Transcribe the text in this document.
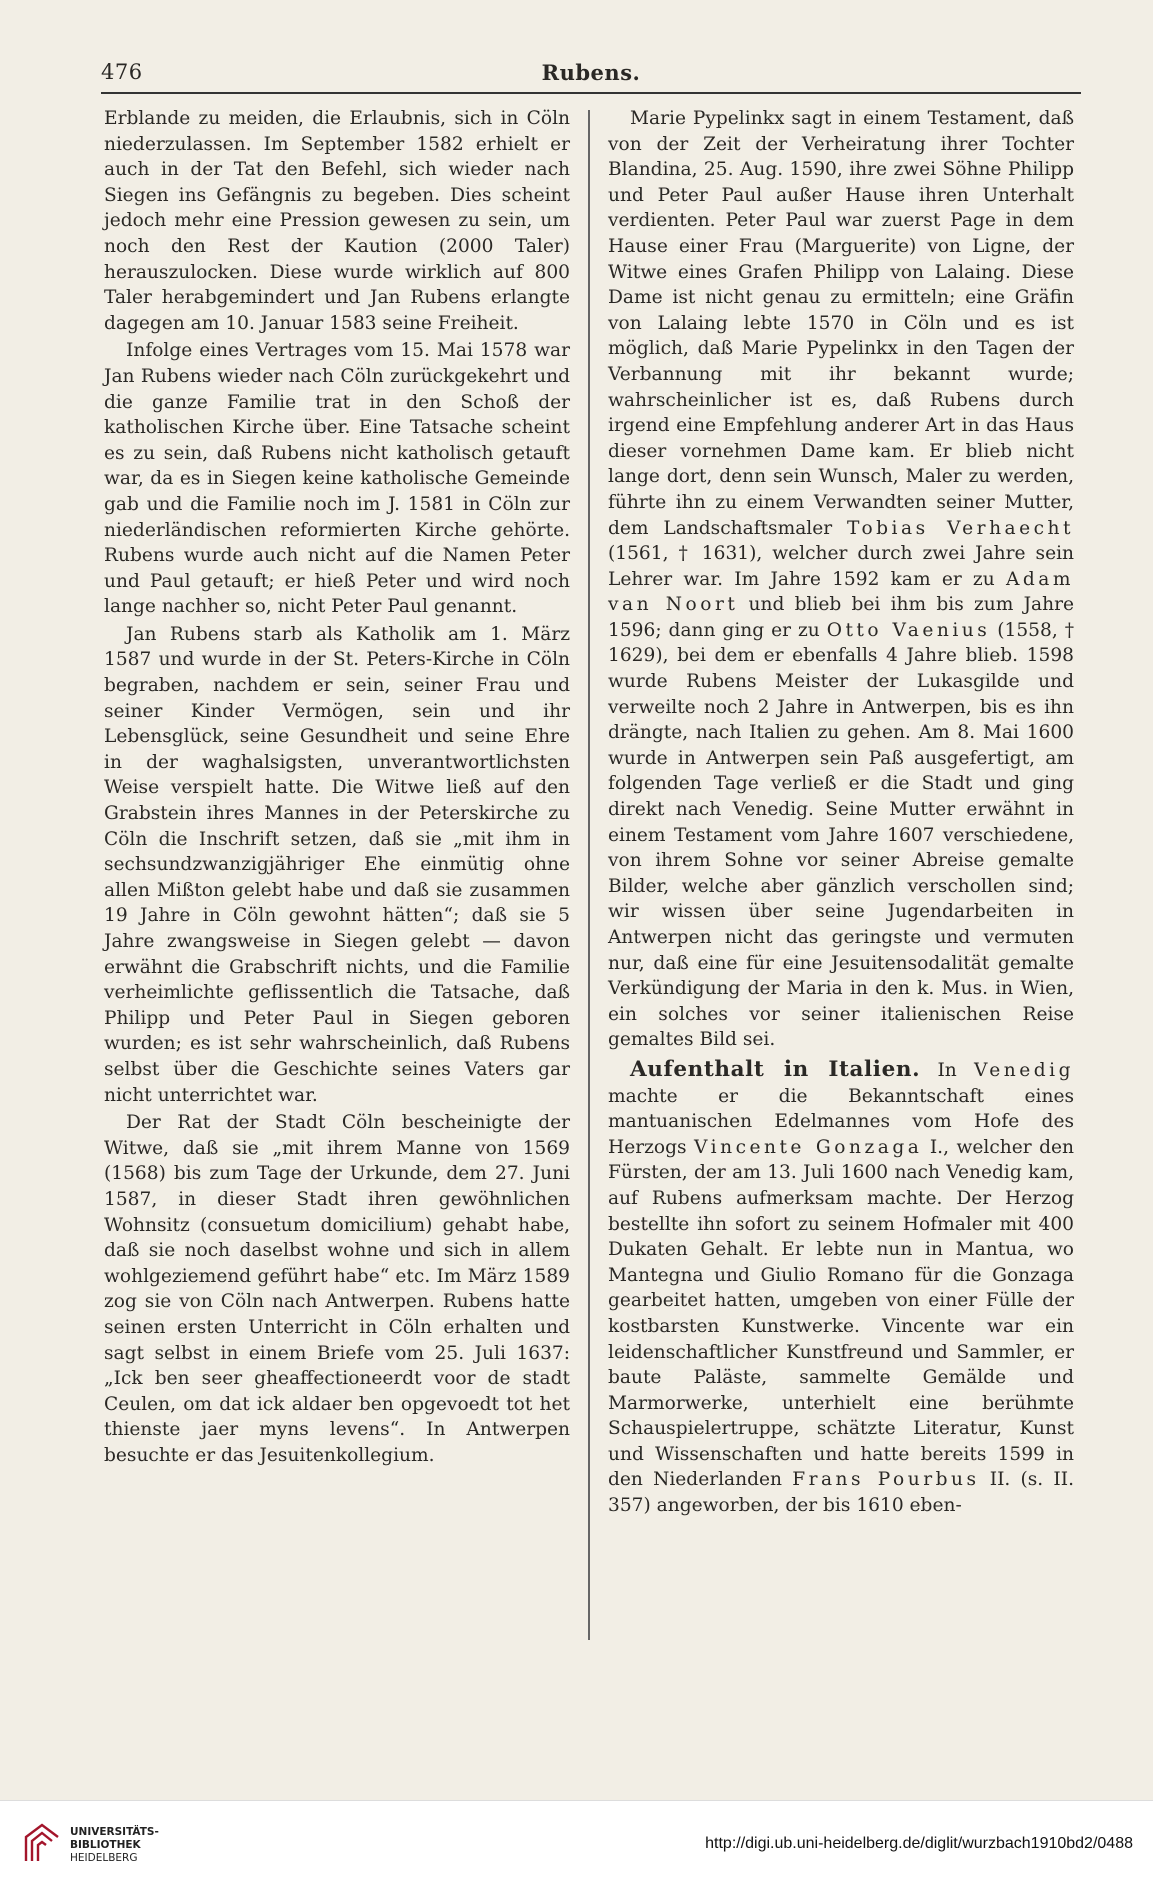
476	Rubens.

Erblande zu meiden, die Erlaubnis, sich in Cöln niederzulassen. Im September 1582 erhielt er auch in der Tat den Befehl, sich wieder nach Siegen ins Gefängnis zu begeben. Dies scheint jedoch mehr eine Pression gewesen zu sein, um noch den Rest der Kaution (2000 Taler) herauszulocken. Diese wurde wirklich auf 800 Taler herabgemindert und Jan Rubens erlangte dagegen am 10. Januar 1583 seine Freiheit.

Infolge eines Vertrages vom 15. Mai 1578 war Jan Rubens wieder nach Cöln zurückgekehrt und die ganze Familie trat in den Schoß der katholischen Kirche über. Eine Tatsache scheint es zu sein, daß Rubens nicht katholisch getauft war, da es in Siegen keine katholische Gemeinde gab und die Familie noch im J. 1581 in Cöln zur niederländischen reformierten Kirche gehörte. Rubens wurde auch nicht auf die Namen Peter und Paul getauft; er hieß Peter und wird noch lange nachher so, nicht Peter Paul genannt.

Jan Rubens starb als Katholik am 1. März 1587 und wurde in der St. Peters-Kirche in Cöln begraben, nachdem er sein, seiner Frau und seiner Kinder Vermögen, sein und ihr Lebensglück, seine Gesundheit und seine Ehre in der waghalsigsten, unverantwortlichsten Weise verspielt hatte. Die Witwe ließ auf den Grabstein ihres Mannes in der Peterskirche zu Cöln die Inschrift setzen, daß sie „mit ihm in sechsundzwanzigjähriger Ehe einmütig ohne allen Mißton gelebt habe und daß sie zusammen 19 Jahre in Cöln gewohnt hätten“; daß sie 5 Jahre zwangsweise in Siegen gelebt — davon erwähnt die Grabschrift nichts, und die Familie verheimlichte geflissentlich die Tatsache, daß Philipp und Peter Paul in Siegen geboren wurden; es ist sehr wahrscheinlich, daß Rubens selbst über die Geschichte seines Vaters gar nicht unterrichtet war.

Der Rat der Stadt Cöln bescheinigte der Witwe, daß sie „mit ihrem Manne von 1569 (1568) bis zum Tage der Urkunde, dem 27. Juni 1587, in dieser Stadt ihren gewöhnlichen Wohnsitz (consuetum domicilium) gehabt habe, daß sie noch daselbst wohne und sich in allem wohlgeziemend geführt habe“ etc. Im März 1589 zog sie von Cöln nach Antwerpen. Rubens hatte seinen ersten Unterricht in Cöln erhalten und sagt selbst in einem Briefe vom 25. Juli 1637: „Ick ben seer gheaffectioneerdt voor de stadt Ceulen, om dat ick aldaer ben opgevoedt tot het thienste jaer myns levens“. In Antwerpen besuchte er das Jesuitenkollegium.

Marie Pypelinkx sagt in einem Testament, daß von der Zeit der Verheiratung ihrer Tochter Blandina, 25. Aug. 1590, ihre zwei Söhne Philipp und Peter Paul außer Hause ihren Unterhalt verdienten. Peter Paul war zuerst Page in dem Hause einer Frau (Marguerite) von Ligne, der Witwe eines Grafen Philipp von Lalaing. Diese Dame ist nicht genau zu ermitteln; eine Gräfin von Lalaing lebte 1570 in Cöln und es ist möglich, daß Marie Pypelinkx in den Tagen der Verbannung mit ihr bekannt wurde; wahrscheinlicher ist es, daß Rubens durch irgend eine Empfehlung anderer Art in das Haus dieser vornehmen Dame kam. Er blieb nicht lange dort, denn sein Wunsch, Maler zu werden, führte ihn zu einem Verwandten seiner Mutter, dem Landschaftsmaler Tobias Verhaecht (1561, † 1631), welcher durch zwei Jahre sein Lehrer war. Im Jahre 1592 kam er zu Adam van Noort und blieb bei ihm bis zum Jahre 1596; dann ging er zu Otto Vaenius (1558, † 1629), bei dem er ebenfalls 4 Jahre blieb. 1598 wurde Rubens Meister der Lukasgilde und verweilte noch 2 Jahre in Antwerpen, bis es ihn drängte, nach Italien zu gehen. Am 8. Mai 1600 wurde in Antwerpen sein Paß ausgefertigt, am folgenden Tage verließ er die Stadt und ging direkt nach Venedig. Seine Mutter erwähnt in einem Testament vom Jahre 1607 verschiedene, von ihrem Sohne vor seiner Abreise gemalte Bilder, welche aber gänzlich verschollen sind; wir wissen über seine Jugendarbeiten in Antwerpen nicht das geringste und vermuten nur, daß eine für eine Jesuitensodalität gemalte Verkündigung der Maria in den k. Mus. in Wien, ein solches vor seiner italienischen Reise gemaltes Bild sei.

Aufenthalt in Italien. In Venedig machte er die Bekanntschaft eines mantuanischen Edelmannes vom Hofe des Herzogs Vincente Gonzaga I., welcher den Fürsten, der am 13. Juli 1600 nach Venedig kam, auf Rubens aufmerksam machte. Der Herzog bestellte ihn sofort zu seinem Hofmaler mit 400 Dukaten Gehalt. Er lebte nun in Mantua, wo Mantegna und Giulio Romano für die Gonzaga gearbeitet hatten, umgeben von einer Fülle der kostbarsten Kunstwerke. Vincente war ein leidenschaftlicher Kunstfreund und Sammler, er baute Paläste, sammelte Gemälde und Marmorwerke, unterhielt eine berühmte Schauspielertruppe, schätzte Literatur, Kunst und Wissenschaften und hatte bereits 1599 in den Niederlanden Frans Pourbus II. (s. II. 357) angeworben, der bis 1610 eben-

UNIVERSITÄTS-
BIBLIOTHEK
HEIDELBERG
http://digi.ub.uni-heidelberg.de/diglit/wurzbach1910bd2/0488
